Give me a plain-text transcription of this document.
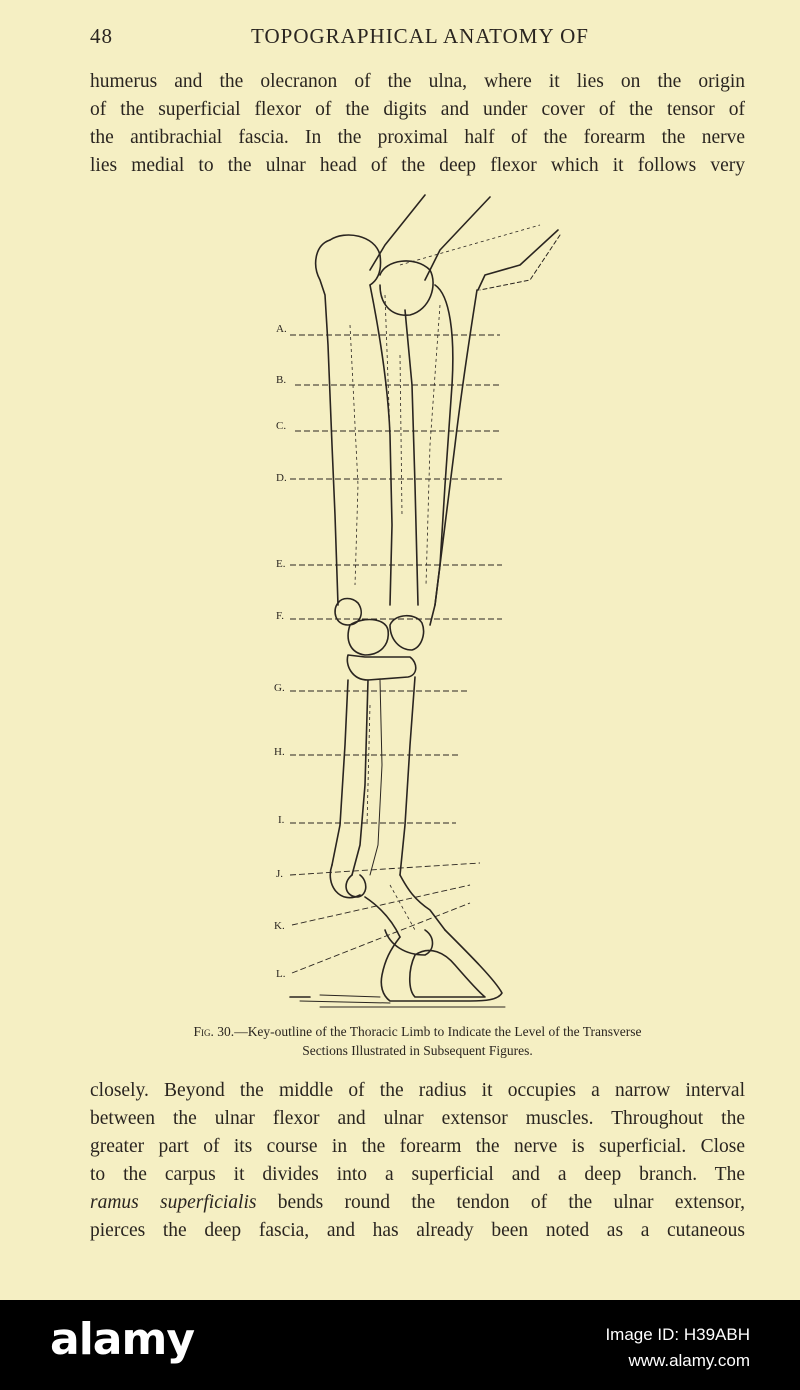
48	TOPOGRAPHICAL ANATOMY OF
humerus and the olecranon of the ulna, where it lies on the origin
of the superficial flexor of the digits and under cover of the tensor of
the antibrachial fascia. In the proximal half of the forearm the nerve
lies medial to the ulnar head of the deep flexor which it follows very
A.
B.
C.
D.
E.
F.
G.
H.
I.
J.
K.
L.
Fig. 30.—Key-outline of the Thoracic Limb to Indicate the Level of the Transverse
Sections Illustrated in Subsequent Figures.
closely. Beyond the middle of the radius it occupies a narrow interval
between the ulnar flexor and ulnar extensor muscles. Throughout the
greater part of its course in the forearm the nerve is superficial. Close
to the carpus it divides into a superficial and a deep branch. The
ramus superficialis bends round the tendon of the ulnar extensor,
pierces the deep fascia, and has already been noted as a cutaneous
alamy	Image ID: H39ABH
www.alamy.com
